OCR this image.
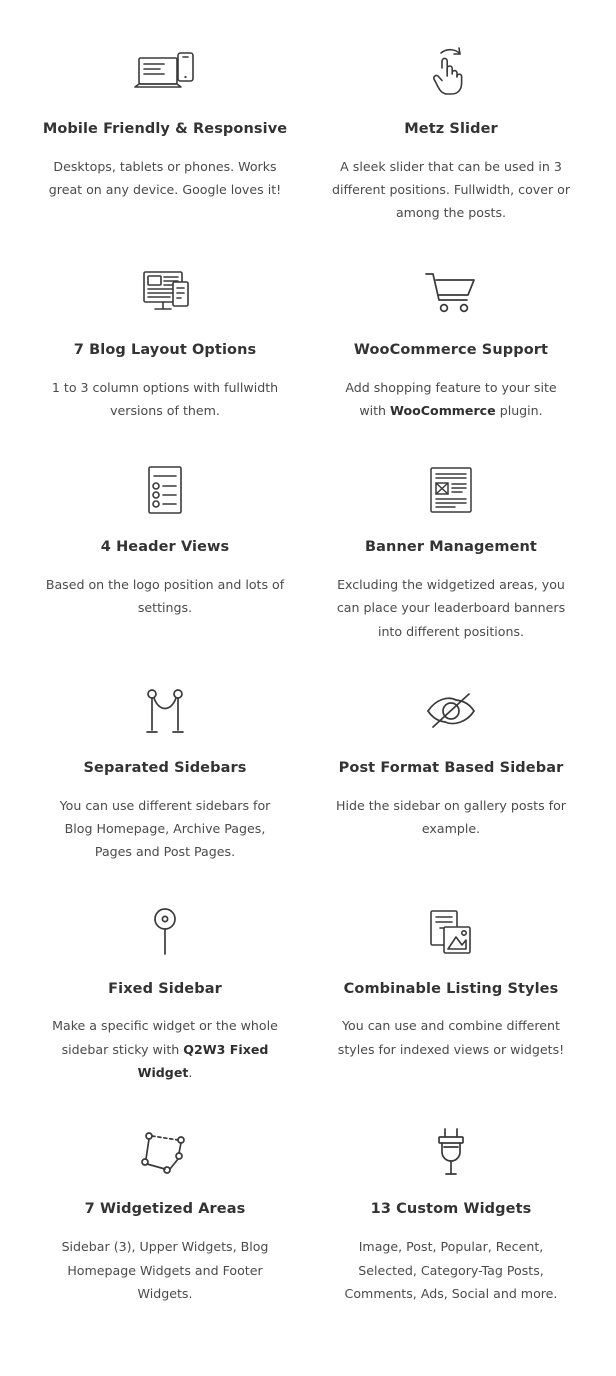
Mobile Friendly & Responsive
Desktops, tablets or phones. Works great on any device. Google loves it!
Metz Slider
A sleek slider that can be used in 3 different positions. Fullwidth, cover or among the posts.
7 Blog Layout Options
1 to 3 column options with fullwidth versions of them.
WooCommerce Support
Add shopping feature to your site with WooCommerce plugin.
4 Header Views
Based on the logo position and lots of settings.
Banner Management
Excluding the widgetized areas, you can place your leaderboard banners into different positions.
Separated Sidebars
You can use different sidebars for Blog Homepage, Archive Pages, Pages and Post Pages.
Post Format Based Sidebar
Hide the sidebar on gallery posts for example.
Fixed Sidebar
Make a specific widget or the whole sidebar sticky with Q2W3 Fixed Widget.
Combinable Listing Styles
You can use and combine different styles for indexed views or widgets!
7 Widgetized Areas
Sidebar (3), Upper Widgets, Blog Homepage Widgets and Footer Widgets.
13 Custom Widgets
Image, Post, Popular, Recent, Selected, Category-Tag Posts, Comments, Ads, Social and more.
